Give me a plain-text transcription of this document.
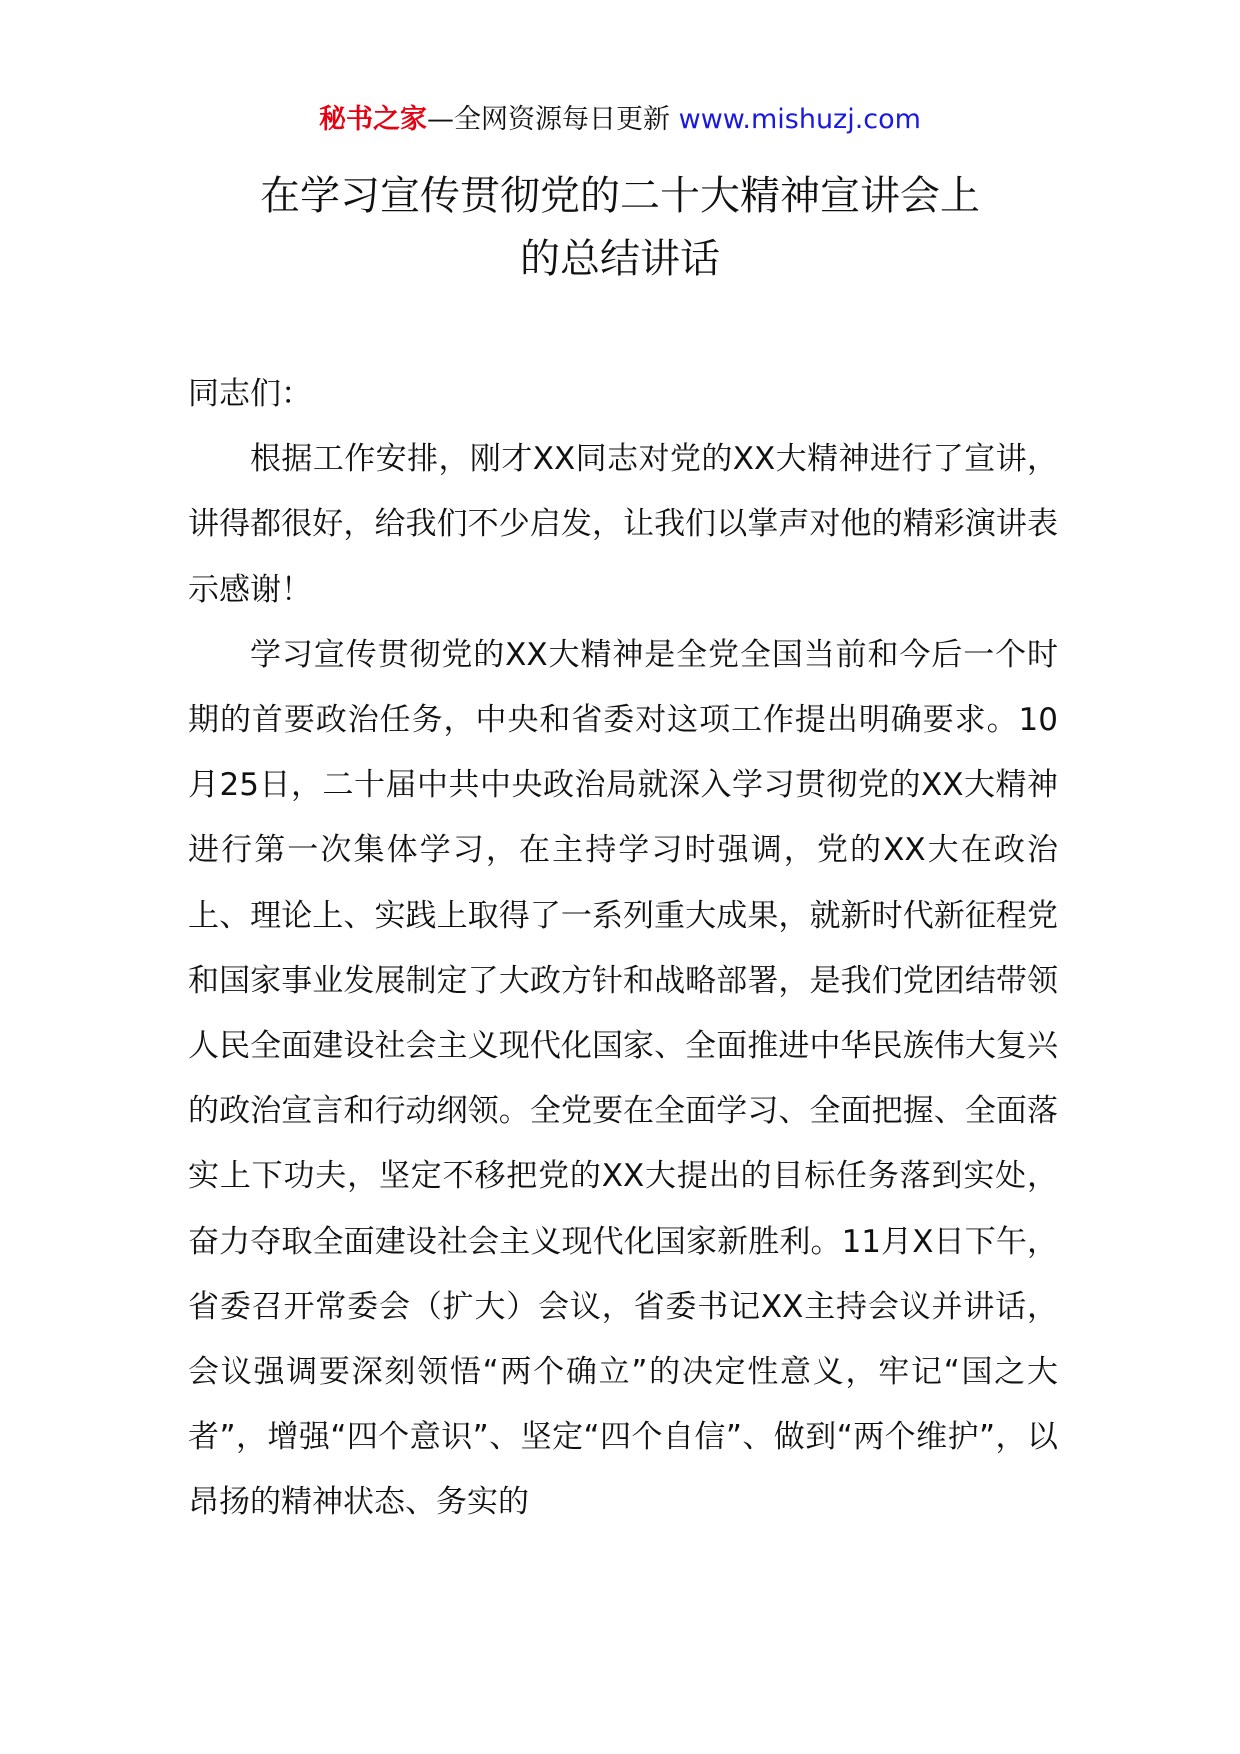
秘书之家—全网资源每日更新 www.mishuzj.com
在学习宣传贯彻党的二十大精神宣讲会上
的总结讲话

同志们：

根据工作安排，刚才XX同志对党的XX大精神进行了宣讲，讲得都很好，给我们不少启发，让我们以掌声对他的精彩演讲表示感谢！

学习宣传贯彻党的XX大精神是全党全国当前和今后一个时期的首要政治任务，中央和省委对这项工作提出明确要求。10月25日，二十届中共中央政治局就深入学习贯彻党的XX大精神进行第一次集体学习，在主持学习时强调，党的XX大在政治上、理论上、实践上取得了一系列重大成果，就新时代新征程党和国家事业发展制定了大政方针和战略部署，是我们党团结带领人民全面建设社会主义现代化国家、全面推进中华民族伟大复兴的政治宣言和行动纲领。全党要在全面学习、全面把握、全面落实上下功夫，坚定不移把党的XX大提出的目标任务落到实处，奋力夺取全面建设社会主义现代化国家新胜利。11月X日下午，省委召开常委会（扩大）会议，省委书记XX主持会议并讲话，会议强调要深刻领悟“两个确立”的决定性意义，牢记“国之大者”，增强“四个意识”、坚定“四个自信”、做到“两个维护”，以昂扬的精神状态、务实的
